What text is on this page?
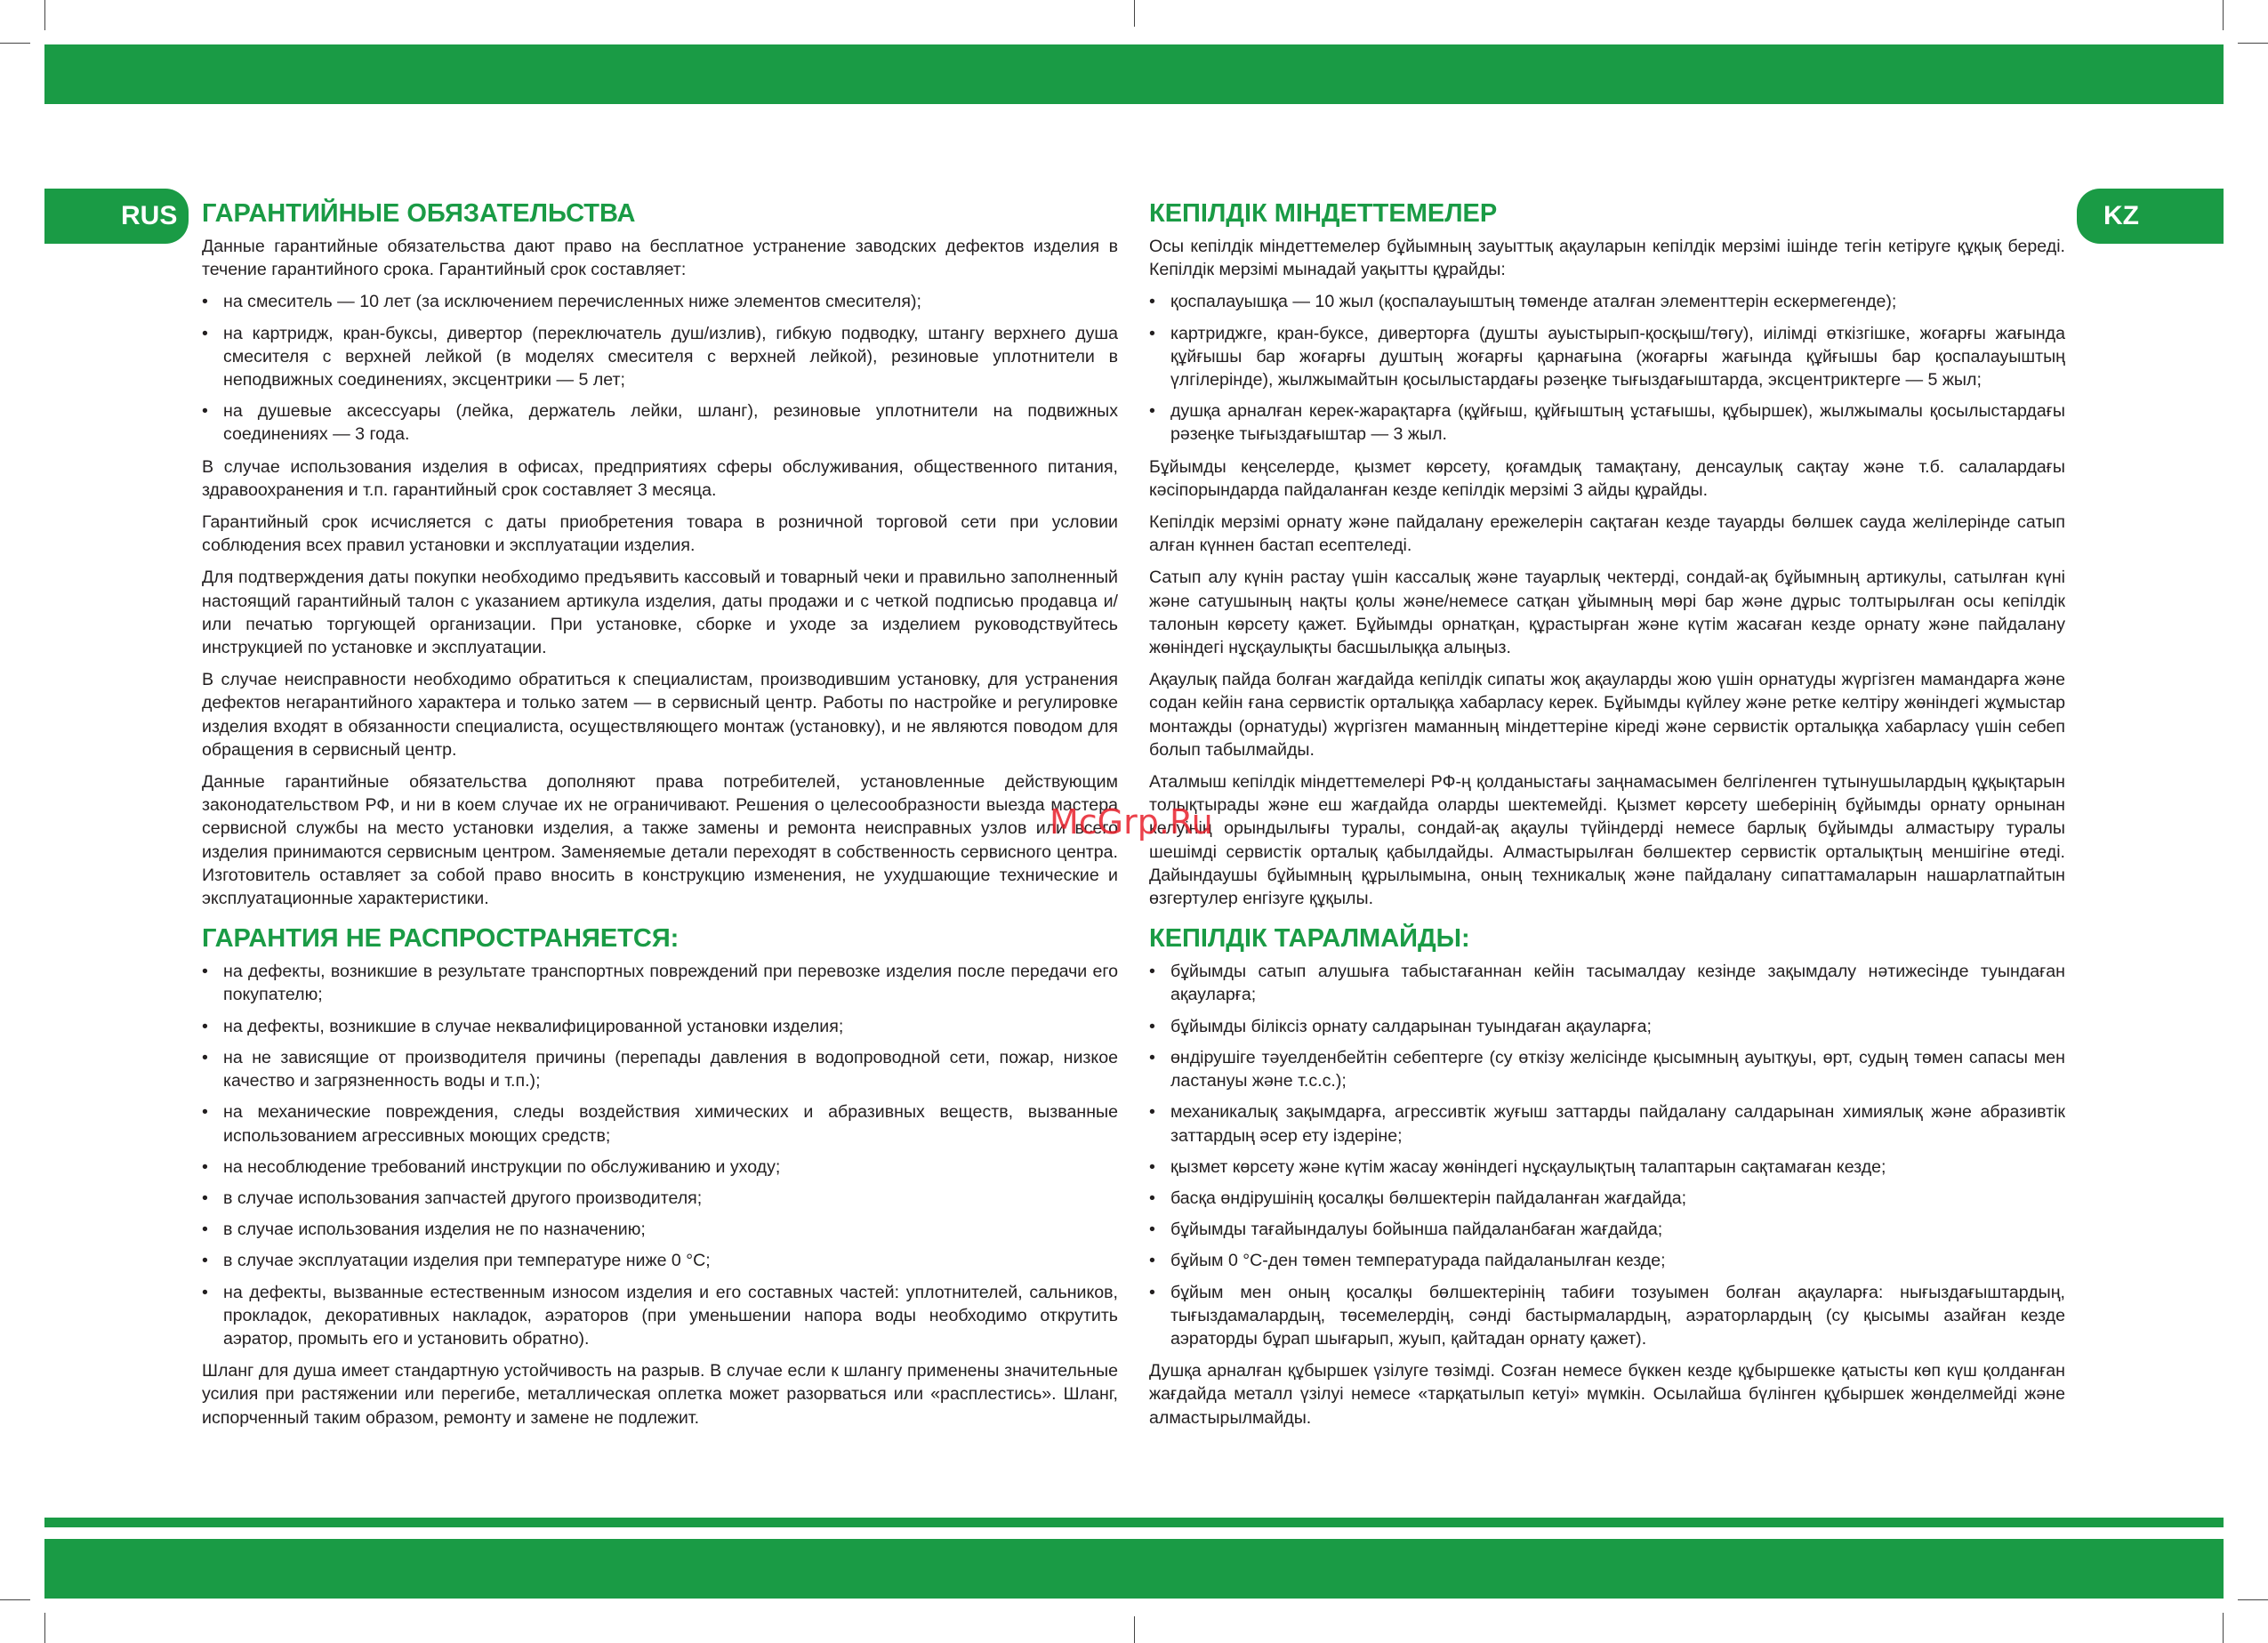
RUS	KZ
ГАРАНТИЙНЫЕ ОБЯЗАТЕЛЬСТВА

Данные гарантийные обязательства дают право на бесплатное устранение заводских дефектов изделия в течение гарантийного срока. Гарантийный срок составляет:

• на смеситель — 10 лет (за исключением перечисленных ниже элементов смесителя);
• на картридж, кран-буксы, дивертор (переключатель душ/излив), гибкую подводку, штангу верхнего душа смесителя с верхней лейкой (в моделях смесителя с верхней лейкой), резиновые уплотнители в неподвижных соединениях, эксцентрики — 5 лет;
• на душевые аксессуары (лейка, держатель лейки, шланг), резиновые уплотнители на подвижных соединениях — 3 года.

В случае использования изделия в офисах, предприятиях сферы обслуживания, общественного питания, здравоохранения и т.п. гарантийный срок составляет 3 месяца.

Гарантийный срок исчисляется с даты приобретения товара в розничной торговой сети при условии соблюдения всех правил установки и эксплуатации изделия.

Для подтверждения даты покупки необходимо предъявить кассовый и товарный чеки и правильно заполненный настоящий гарантийный талон с указанием артикула изделия, даты продажи и с четкой подписью продавца и/или печатью торгующей организации. При установке, сборке и уходе за изделием руководствуйтесь инструкцией по установке и эксплуатации.

В случае неисправности необходимо обратиться к специалистам, производившим установку, для устранения дефектов негарантийного характера и только затем — в сервисный центр. Работы по настройке и регулировке изделия входят в обязанности специалиста, осуществляющего монтаж (установку), и не являются поводом для обращения в сервисный центр.

Данные гарантийные обязательства дополняют права потребителей, установленные действующим законодательством РФ, и ни в коем случае их не ограничивают. Решения о целесообразности выезда мастера сервисной службы на место установки изделия, а также замены и ремонта неисправных узлов или всего изделия принимаются сервисным центром. Заменяемые детали переходят в собственность сервисного центра. Изготовитель оставляет за собой право вносить в конструкцию изменения, не ухудшающие технические и эксплуатационные характеристики.

ГАРАНТИЯ НЕ РАСПРОСТРАНЯЕТСЯ:
• на дефекты, возникшие в результате транспортных повреждений при перевозке изделия после передачи его покупателю;
• на дефекты, возникшие в случае неквалифицированной установки изделия;
• на не зависящие от производителя причины (перепады давления в водопроводной сети, пожар, низкое качество и загрязненность воды и т.п.);
• на механические повреждения, следы воздействия химических и абразивных веществ, вызванные использованием агрессивных моющих средств;
• на несоблюдение требований инструкции по обслуживанию и уходу;
• в случае использования запчастей другого производителя;
• в случае использования изделия не по назначению;
• в случае эксплуатации изделия при температуре ниже 0 °С;
• на дефекты, вызванные естественным износом изделия и его составных частей: уплотнителей, сальников, прокладок, декоративных накладок, аэраторов (при уменьшении напора воды необходимо открутить аэратор, промыть его и установить обратно).

Шланг для душа имеет стандартную устойчивость на разрыв. В случае если к шлангу применены значительные усилия при растяжении или перегибе, металлическая оплетка может разорваться или «расплестись». Шланг, испорченный таким образом, ремонту и замене не подлежит.

КЕПІЛДІК МІНДЕТТЕМЕЛЕР

Осы кепілдік міндеттемелер бұйымның зауыттық ақауларын кепілдік мерзімі ішінде тегін кетіруге құқық береді. Кепілдік мерзімі мынадай уақытты құрайды:

• қоспалауышқа — 10 жыл (қоспалауыштың төменде аталған элементтерін ескермегенде);
• картриджге, кран-буксе, диверторға (душты ауыстырып-қосқыш/төгу), иілімді өткізгішке, жоғарғы жағында құйғышы бар жоғарғы душтың жоғарғы қарнағына (жоғарғы жағында құйғышы бар қоспалауыштың үлгілерінде), жылжымайтын қосылыстардағы рәзеңке тығыздағыштарда, эксцентриктерге — 5 жыл;
• душқа арналған керек-жарақтарға (құйғыш, құйғыштың ұстағышы, құбыршек), жылжымалы қосылыстардағы рәзеңке тығыздағыштар — 3 жыл.

Бұйымды кеңселерде, қызмет көрсету, қоғамдық тамақтану, денсаулық сақтау және т.б. салалардағы кәсіпорындарда пайдаланған кезде кепілдік мерзімі 3 айды құрайды.

Кепілдік мерзімі орнату және пайдалану ережелерін сақтаған кезде тауарды бөлшек сауда желілерінде сатып алған күннен бастап есептеледі.

Сатып алу күнін растау үшін кассалық және тауарлық чектерді, сондай-ақ бұйымның артикулы, сатылған күні және сатушының нақты қолы және/немесе сатқан ұйымның мөрі бар және дұрыс толтырылған осы кепілдік талонын көрсету қажет. Бұйымды орнатқан, құрастырған және күтім жасаған кезде орнату және пайдалану жөніндегі нұсқаулықты басшылыққа алыңыз.

Ақаулық пайда болған жағдайда кепілдік сипаты жоқ ақауларды жою үшін орнатуды жүргізген мамандарға және содан кейін ғана сервистік орталыққа хабарласу керек. Бұйымды күйлеу және ретке келтіру жөніндегі жұмыстар монтажды (орнатуды) жүргізген маманның міндеттеріне кіреді және сервистік орталыққа хабарласу үшін себеп болып табылмайды.

Аталмыш кепілдік міндеттемелері РФ-ң қолданыстағы заңнамасымен белгіленген тұтынушылардың құқықтарын толықтырады және еш жағдайда оларды шектемейді. Қызмет көрсету шеберінің бұйымды орнату орнынан келуінің орындылығы туралы, сондай-ақ ақаулы түйіндерді немесе барлық бұйымды алмастыру туралы шешімді сервистік орталық қабылдайды. Алмастырылған бөлшектер сервистік орталықтың меншігіне өтеді. Дайындаушы бұйымның құрылымына, оның техникалық және пайдалану сипаттамаларын нашарлатпайтын өзгертулер енгізуге құқылы.

КЕПІЛДІК ТАРАЛМАЙДЫ:
• бұйымды сатып алушыға табыстағаннан кейін тасымалдау кезінде зақымдалу нәтижесінде туындаған ақауларға;
• бұйымды біліксіз орнату салдарынан туындаған ақауларға;
• өндірушіге тәуелденбейтін себептерге (су өткізу желісінде қысымның ауытқуы, өрт, судың төмен сапасы мен ластануы және т.с.с.);
• механикалық зақымдарға, агрессивтік жуғыш заттарды пайдалану салдарынан химиялық және абразивтік заттардың әсер ету іздеріне;
• қызмет көрсету және күтім жасау жөніндегі нұсқаулықтың талаптарын сақтамаған кезде;
• басқа өндірушінің қосалқы бөлшектерін пайдаланған жағдайда;
• бұйымды тағайындалуы бойынша пайдаланбаған жағдайда;
• бұйым 0 °С-ден төмен температурада пайдаланылған кезде;
• бұйым мен оның қосалқы бөлшектерінің табиғи тозуымен болған ақауларға: нығыздағыштардың, тығыздамалардың, төсемелердің, сәнді бастырмалардың, аэраторлардың (су қысымы азайған кезде аэраторды бұрап шығарып, жуып, қайтадан орнату қажет).

Душқа арналған құбыршек үзілуге төзімді. Созған немесе бүккен кезде құбыршекке қатысты көп күш қолданған жағдайда металл үзілуі немесе «тарқатылып кетуі» мүмкін. Осылайша бүлінген құбыршек жөнделмейді және алмастырылмайды.

McGrp.Ru
